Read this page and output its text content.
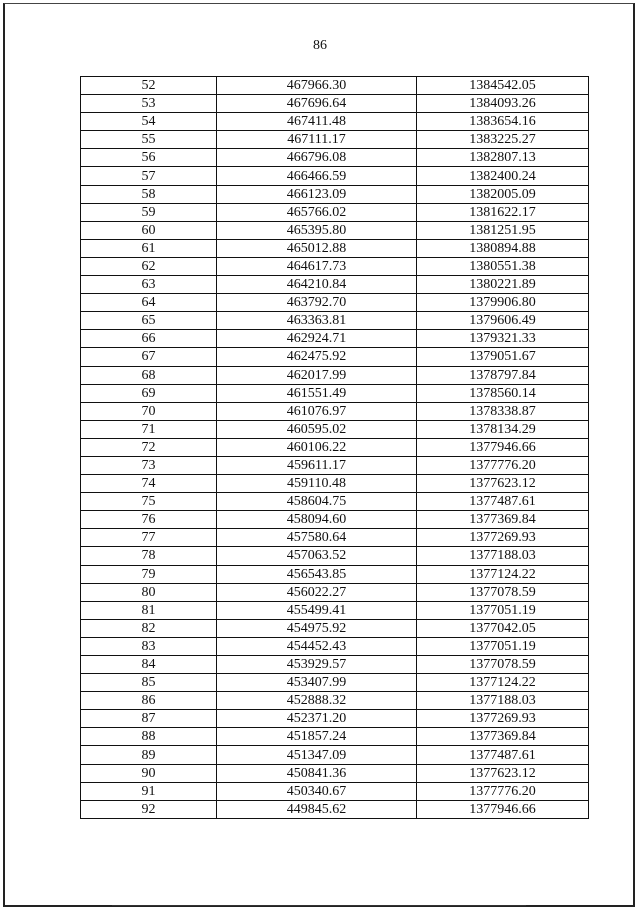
86
52	467966.30	1384542.05
53	467696.64	1384093.26
54	467411.48	1383654.16
55	467111.17	1383225.27
56	466796.08	1382807.13
57	466466.59	1382400.24
58	466123.09	1382005.09
59	465766.02	1381622.17
60	465395.80	1381251.95
61	465012.88	1380894.88
62	464617.73	1380551.38
63	464210.84	1380221.89
64	463792.70	1379906.80
65	463363.81	1379606.49
66	462924.71	1379321.33
67	462475.92	1379051.67
68	462017.99	1378797.84
69	461551.49	1378560.14
70	461076.97	1378338.87
71	460595.02	1378134.29
72	460106.22	1377946.66
73	459611.17	1377776.20
74	459110.48	1377623.12
75	458604.75	1377487.61
76	458094.60	1377369.84
77	457580.64	1377269.93
78	457063.52	1377188.03
79	456543.85	1377124.22
80	456022.27	1377078.59
81	455499.41	1377051.19
82	454975.92	1377042.05
83	454452.43	1377051.19
84	453929.57	1377078.59
85	453407.99	1377124.22
86	452888.32	1377188.03
87	452371.20	1377269.93
88	451857.24	1377369.84
89	451347.09	1377487.61
90	450841.36	1377623.12
91	450340.67	1377776.20
92	449845.62	1377946.66
